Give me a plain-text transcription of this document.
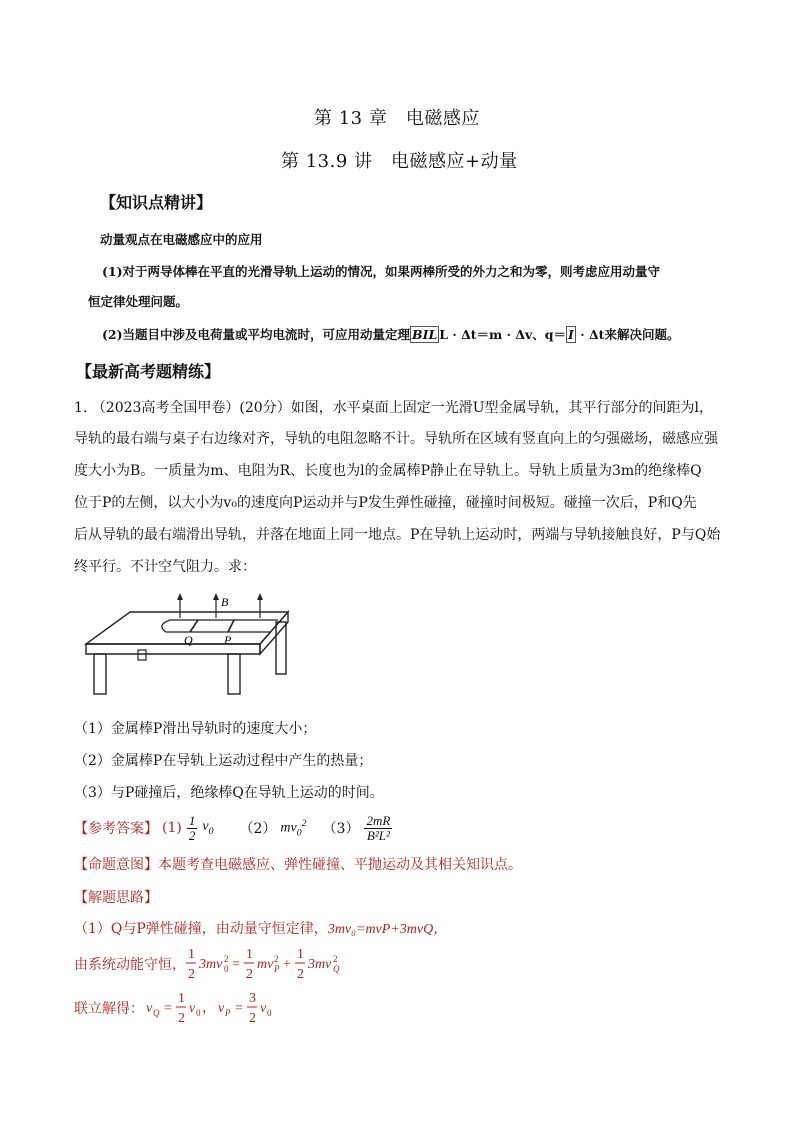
第 13 章　电磁感应
第 13.9 讲　电磁感应+动量
【知识点精讲】
动量观点在电磁感应中的应用
(1)对于两导体棒在平直的光滑导轨上运动的情况，如果两棒所受的外力之和为零，则考虑应用动量守
恒定律处理问题。
(2)当题目中涉及电荷量或平均电流时，可应用动量定理 BIL L · Δt＝m · Δv、q＝ I · Δt来解决问题。
【最新高考题精练】
1. （2023高考全国甲卷）(20分）如图，水平桌面上固定一光滑U型金属导轨，其平行部分的间距为l，
导轨的最右端与桌子右边缘对齐，导轨的电阻忽略不计。导轨所在区域有竖直向上的匀强磁场，磁感应强
度大小为B。一质量为m、电阻为R、长度也为l的金属棒P静止在导轨上。导轨上质量为3m的绝缘棒Q
位于P的左侧，以大小为v₀的速度向P运动并与P发生弹性碰撞，碰撞时间极短。碰撞一次后，P和Q先
后从导轨的最右端滑出导轨，并落在地面上同一地点。P在导轨上运动时，两端与导轨接触良好，P与Q始
终平行。不计空气阻力。求：
B
Q	P
（1）金属棒P滑出导轨时的速度大小；
（2）金属棒P在导轨上运动过程中产生的热量；
（3）与P碰撞后，绝缘棒Q在导轨上运动的时间。
【参考答案】 $(1) \frac{1}{2} v_0$ （2） $mv_0^2$ $(3) \frac{2mR}{\text{B²L²}}$
【命题意图】本题考查电磁感应、弹性碰撞、平抛运动及其相关知识点。
【解题思路】
（1）Q与P弹性碰撞，由动量守恒定律，3mv₀=mvP+3mvQ，
由系统动能守恒，
1
2
3mv 0
2 =
1
2
mv P
2 +
1
2
3mv Q
2
联立解得： v Q =
1
2
v 0 ， v P =
3
2
v 0
